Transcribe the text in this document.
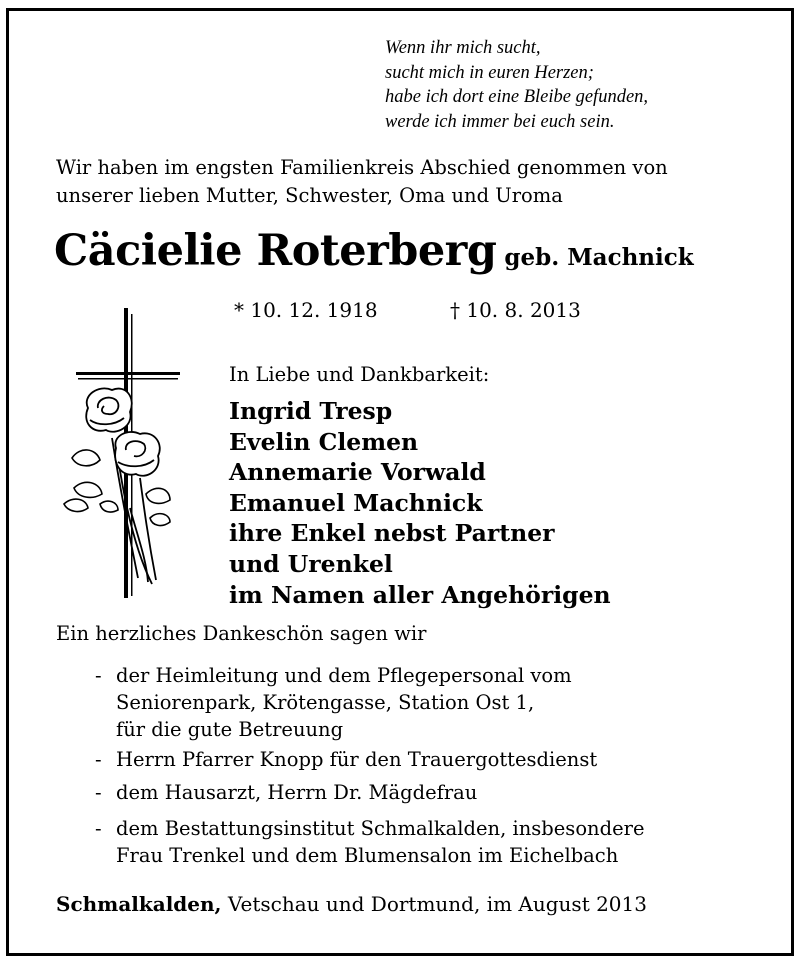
Wenn ihr mich sucht,
sucht mich in euren Herzen;
habe ich dort eine Bleibe gefunden,
werde ich immer bei euch sein.
Wir haben im engsten Familienkreis Abschied genommen von
unserer lieben Mutter, Schwester, Oma und Uroma
Cäcielie Roterberg geb. Machnick
* 10. 12. 1918	† 10. 8. 2013
In Liebe und Dankbarkeit:
Ingrid Tresp
Evelin Clemen
Annemarie Vorwald
Emanuel Machnick
ihre Enkel nebst Partner
und Urenkel
im Namen aller Angehörigen
Ein herzliches Dankeschön sagen wir
- der Heimleitung und dem Pflegepersonal vom
Seniorenpark, Krötengasse, Station Ost 1,
für die gute Betreuung
- Herrn Pfarrer Knopp für den Trauergottesdienst
- dem Hausarzt, Herrn Dr. Mägdefrau
- dem Bestattungsinstitut Schmalkalden, insbesondere
Frau Trenkel und dem Blumensalon im Eichelbach
Schmalkalden, Vetschau und Dortmund, im August 2013
